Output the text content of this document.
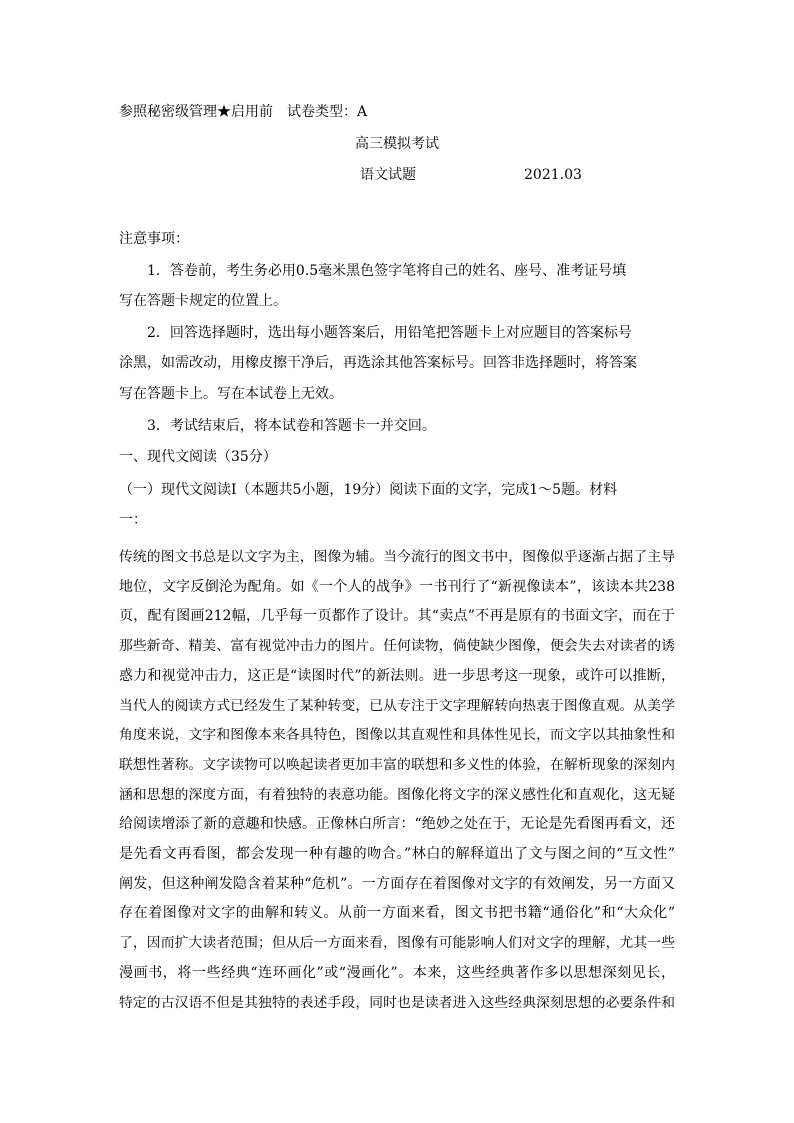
参照秘密级管理★启用前 试卷类型：A
高三模拟考试
语文试题	2021.03
注意事项：
1．答卷前，考生务必用0.5毫米黑色签字笔将自己的姓名、座号、准考证号填
写在答题卡规定的位置上。
2．回答选择题时，选出每小题答案后，用铅笔把答题卡上对应题目的答案标号
涂黑，如需改动，用橡皮擦干净后，再选涂其他答案标号。回答非选择题时，将答案
写在答题卡上。写在本试卷上无效。
3．考试结束后，将本试卷和答题卡一并交回。
一、现代文阅读（35分）
（一）现代文阅读Ⅰ（本题共5小题，19分）阅读下面的文字，完成1～5题。材料
一：
传统的图文书总是以文字为主，图像为辅。当今流行的图文书中，图像似乎逐渐占据了主导
地位，文字反倒沦为配角。如《一个人的战争》一书刊行了“新视像读本”，该读本共238
页，配有图画212幅，几乎每一页都作了设计。其“卖点”不再是原有的书面文字，而在于
那些新奇、精美、富有视觉冲击力的图片。任何读物，倘使缺少图像，便会失去对读者的诱
惑力和视觉冲击力，这正是“读图时代”的新法则。进一步思考这一现象，或许可以推断，
当代人的阅读方式已经发生了某种转变，已从专注于文字理解转向热衷于图像直观。从美学
角度来说，文字和图像本来各具特色，图像以其直观性和具体性见长，而文字以其抽象性和
联想性著称。文字读物可以唤起读者更加丰富的联想和多义性的体验，在解析现象的深刻内
涵和思想的深度方面，有着独特的表意功能。图像化将文字的深义感性化和直观化，这无疑
给阅读增添了新的意趣和快感。正像林白所言：“绝妙之处在于，无论是先看图再看文，还
是先看文再看图，都会发现一种有趣的吻合。”林白的解释道出了文与图之间的“互文性”
阐发，但这种阐发隐含着某种“危机”。一方面存在着图像对文字的有效阐发，另一方面又
存在着图像对文字的曲解和转义。从前一方面来看，图文书把书籍“通俗化”和“大众化”
了，因而扩大读者范围；但从后一方面来看，图像有可能影响人们对文字的理解，尤其一些
漫画书，将一些经典“连环画化”或“漫画化”。本来，这些经典著作多以思想深刻见长，
特定的古汉语不但是其独特的表述手段，同时也是读者进入这些经典深刻思想的必要条件和
